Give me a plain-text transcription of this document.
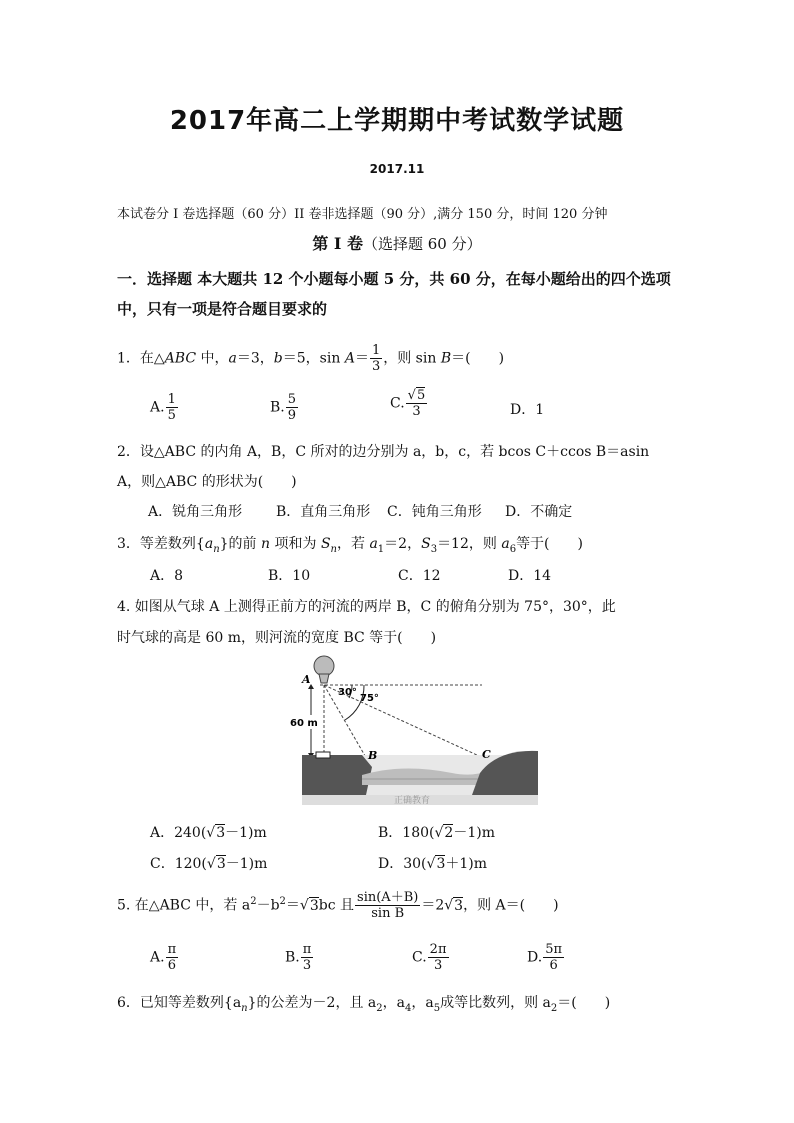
2017年高二上学期期中考试数学试题
2017.11
本试卷分 I 卷选择题（60 分）II 卷非选择题（90 分）,满分 150 分，时间 120 分钟
第 I 卷（选择题 60 分）
一．选择题 本大题共 12 个小题每小题 5 分，共 60 分，在每小题给出的四个选项中，只有一项是符合题目要求的
1．在△ABC 中，a＝3，b＝5，$\sin A= \frac{1}{3}$ ，则 sin B＝(　　)
A. $\frac{1}{5}$	B. $\frac{5}{9}$	C. $\frac{√5}{3}$	D．1
2．设△ABC 的内角 A，B，C 所对的边分别为 a，b，c，若 bcos C＋ccos B＝asin
A，则△ABC 的形状为(　　)
A．锐角三角形 B．直角三角形 C．钝角三角形 D．不确定
3．等差数列$\{a_n\}$的前 n 项和为 $S_n$，若 $a_1=2$，$S_3=12$，则 $a_6$等于(　　)
A．8	B．10	C．12	D．14
4. 如图从气球 A 上测得正前方的河流的两岸 B，C 的俯角分别为 75°，30°，此
时气球的高是 60 m，则河流的宽度 BC 等于(　　)
A
B	C
30°
75°
60 m
正确教育
A．240(√3－1)m	B．180(√2－1)m
C．120(√3－1)m	D．30(√3＋1)m
5. 在△ABC 中，若 $a^2-b^2=√3bc$ 且 $\frac{\sin(A+B)}{\text{sin B}} =2√3$，则 A＝(　　)
A. $\frac{\pi}{6}$	B. $\frac{\pi}{3}$	C. $\frac{2\pi}{3}$	D. $\frac{5\pi}{6}$
6．已知等差数列$\{a_n\}$的公差为－2，且 $a_2$，$a_4$，$a_5$成等比数列，则 $a_2=$(　　)
